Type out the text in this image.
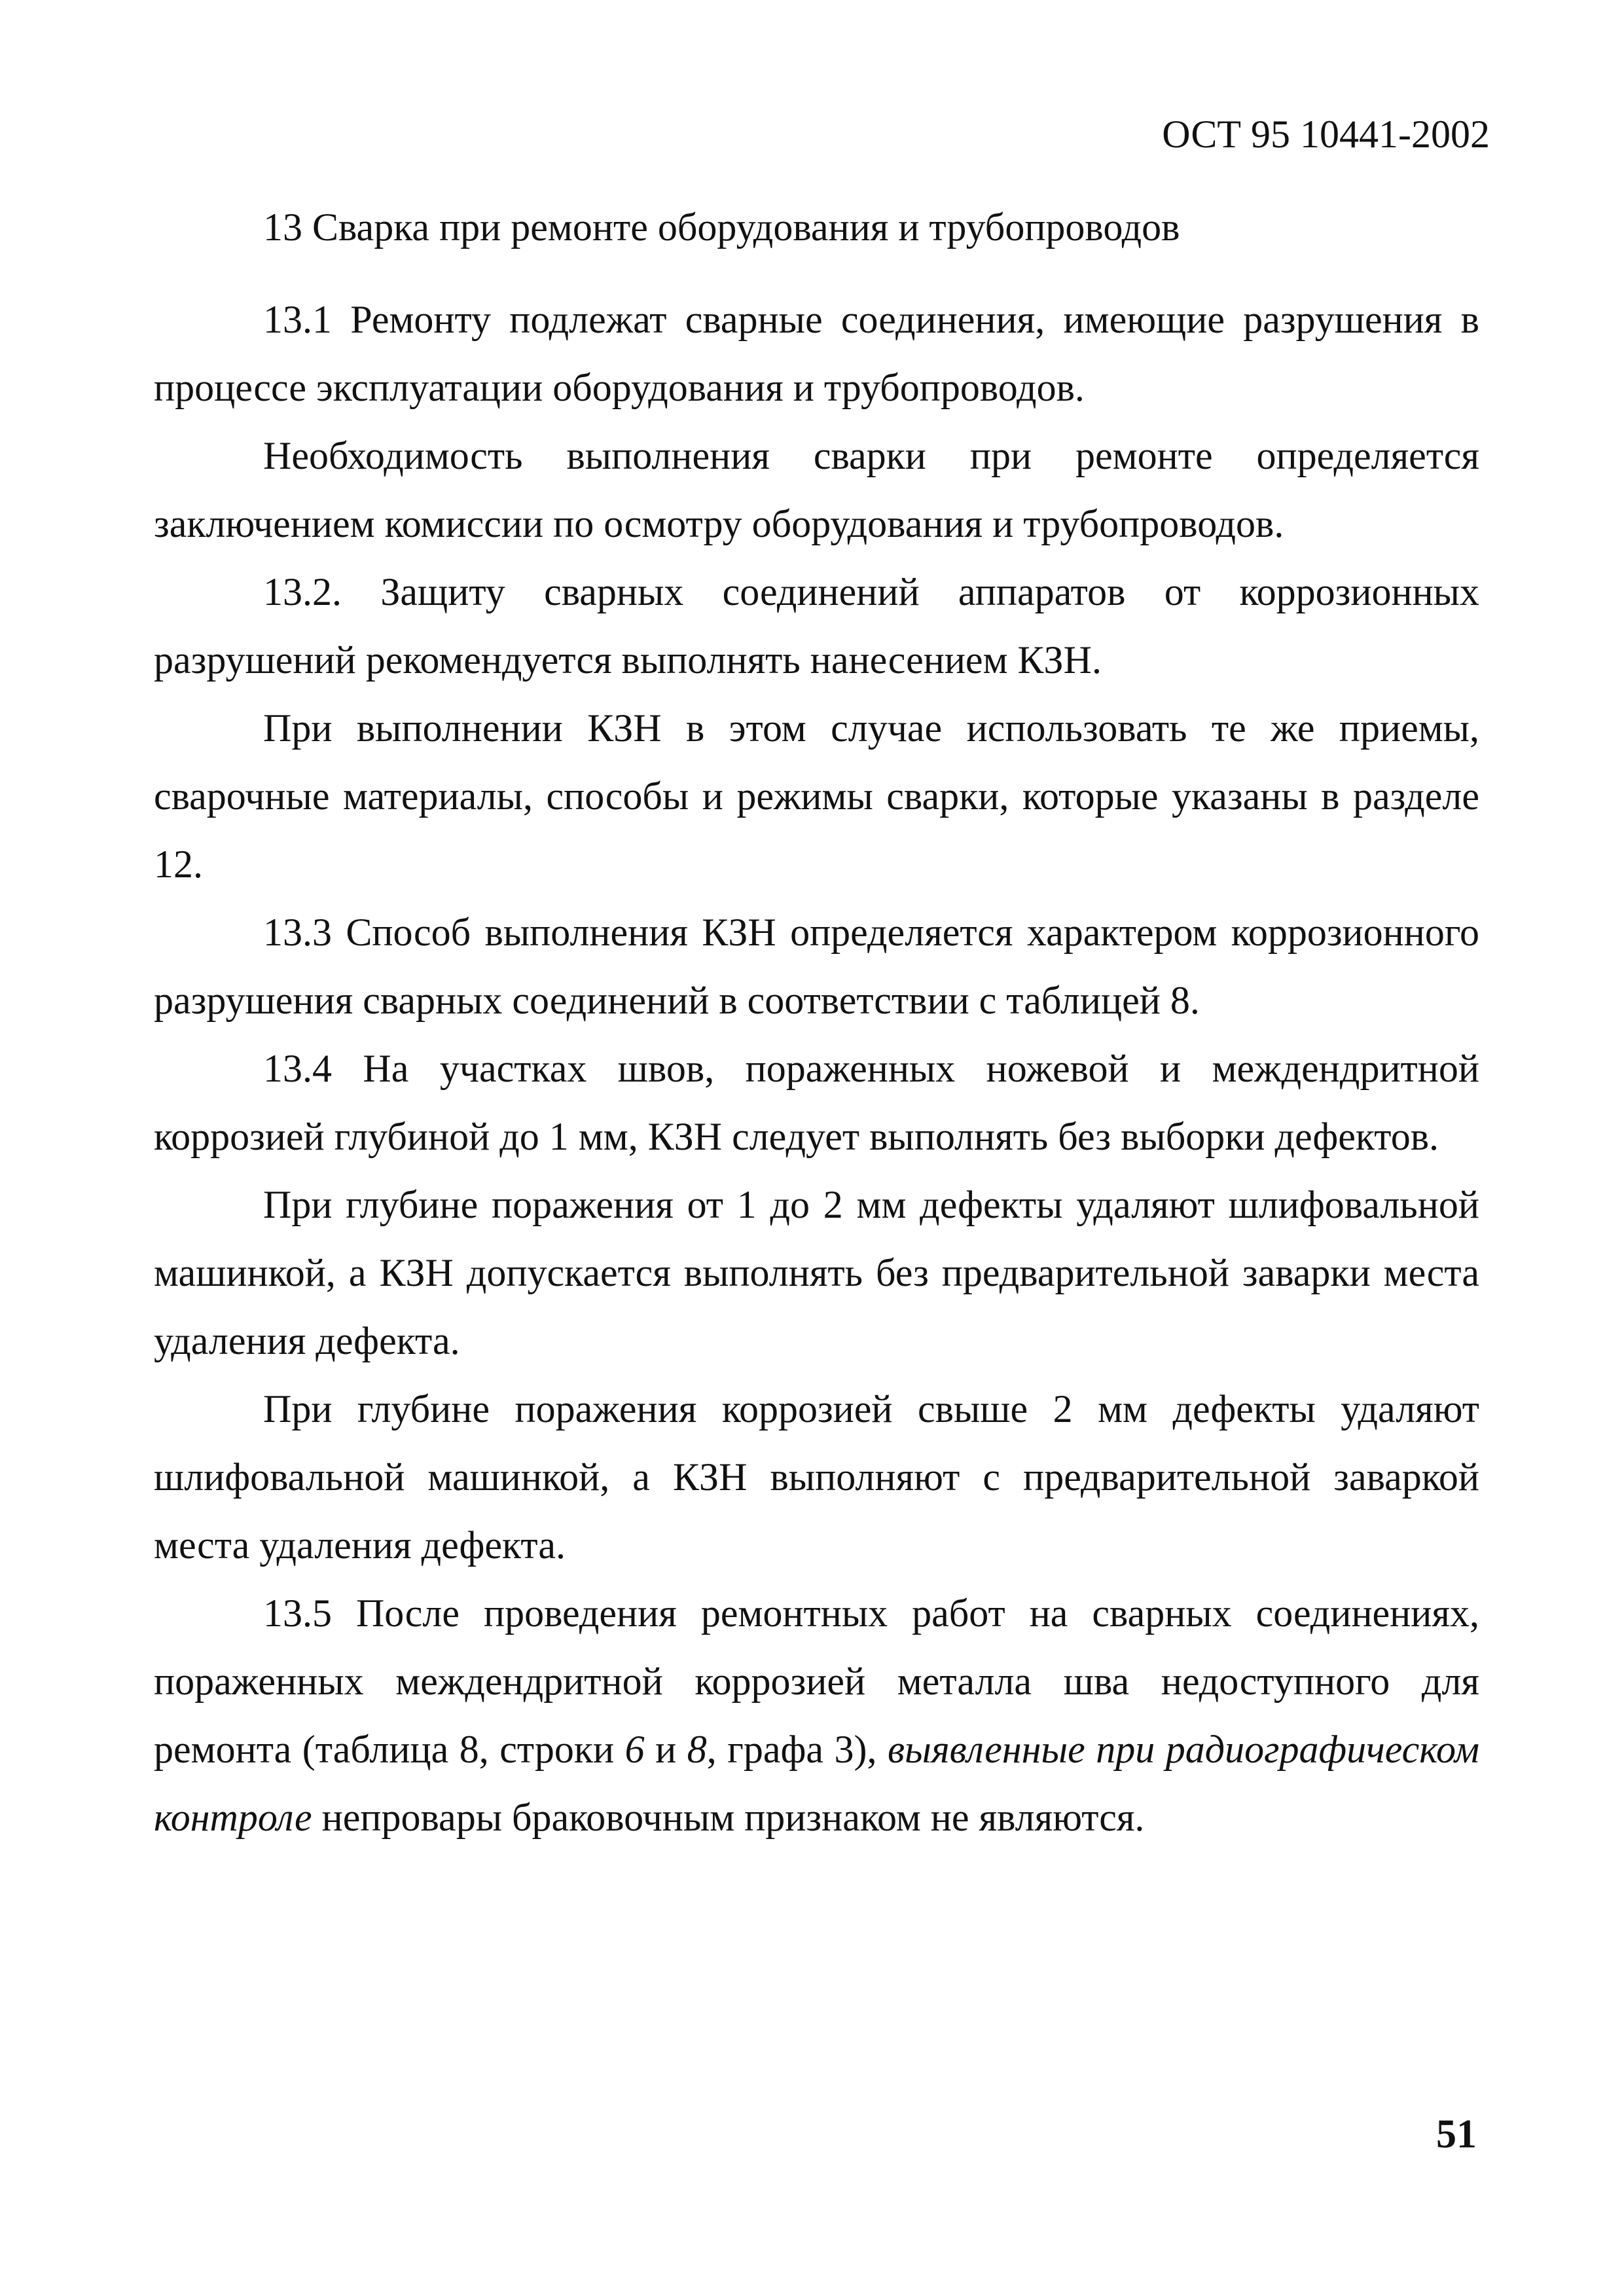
ОСТ 95 10441-2002
13 Сварка при ремонте оборудования и трубопроводов

13.1 Ремонту подлежат сварные соединения, имеющие разрушения в процессе эксплуатации оборудования и трубопроводов.

Необходимость выполнения сварки при ремонте определяется заключением комиссии по осмотру оборудования и трубопроводов.

13.2. Защиту сварных соединений аппаратов от коррозионных разрушений рекомендуется выполнять нанесением КЗН.

При выполнении КЗН в этом случае использовать те же приемы, сварочные материалы, способы и режимы сварки, которые указаны в разделе 12.

13.3 Способ выполнения КЗН определяется характером коррозионного разрушения сварных соединений в соответствии с таблицей 8.

13.4 На участках швов, пораженных ножевой и междендритной коррозией глубиной до 1 мм, КЗН следует выполнять без выборки дефектов.

При глубине поражения от 1 до 2 мм дефекты удаляют шлифовальной машинкой, а КЗН допускается выполнять без предварительной заварки места удаления дефекта.

При глубине поражения коррозией свыше 2 мм дефекты удаляют шлифовальной машинкой, а КЗН выполняют с предварительной заваркой места удаления дефекта.

13.5 После проведения ремонтных работ на сварных соединениях, пораженных междендритной коррозией металла шва недоступного для ремонта (таблица 8, строки 6 и 8, графа 3), выявленные при радиографическом контроле непровары браковочным признаком не являются.

51
